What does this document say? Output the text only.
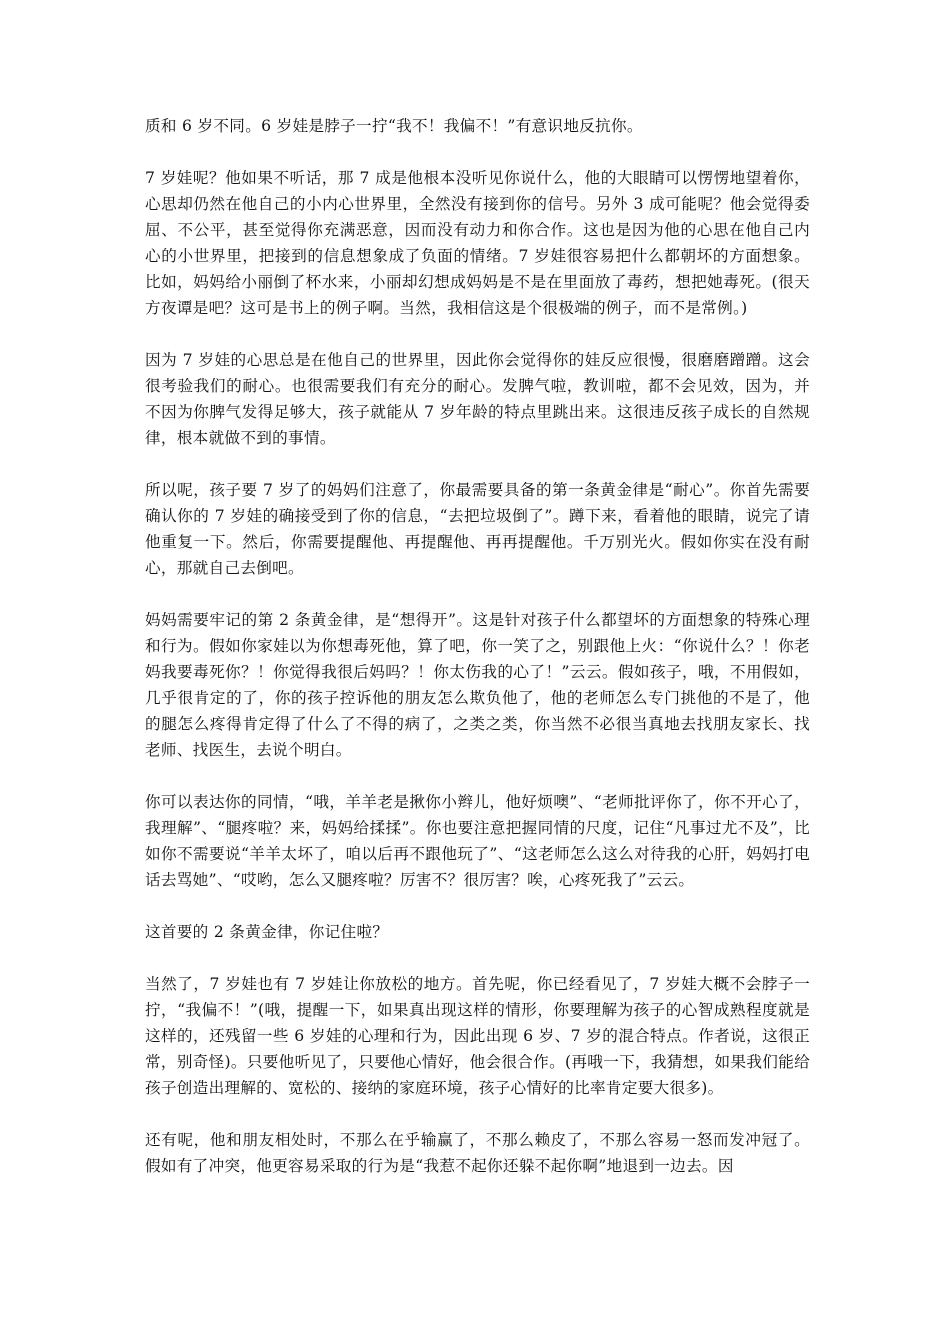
质和 6 岁不同。6 岁娃是脖子一拧“我不！我偏不！”有意识地反抗你。

7 岁娃呢？他如果不听话，那 7 成是他根本没听见你说什么，他的大眼睛可以愣愣地望着你，心思却仍然在他自己的小内心世界里，全然没有接到你的信号。另外 3 成可能呢？他会觉得委屈、不公平，甚至觉得你充满恶意，因而没有动力和你合作。这也是因为他的心思在他自己内心的小世界里，把接到的信息想象成了负面的情绪。7 岁娃很容易把什么都朝坏的方面想象。比如，妈妈给小丽倒了杯水来，小丽却幻想成妈妈是不是在里面放了毒药，想把她毒死。(很天方夜谭是吧？这可是书上的例子啊。当然，我相信这是个很极端的例子，而不是常例。)

因为 7 岁娃的心思总是在他自己的世界里，因此你会觉得你的娃反应很慢，很磨磨蹭蹭。这会很考验我们的耐心。也很需要我们有充分的耐心。发脾气啦，教训啦，都不会见效，因为，并不因为你脾气发得足够大，孩子就能从 7 岁年龄的特点里跳出来。这很违反孩子成长的自然规律，根本就做不到的事情。

所以呢，孩子要 7 岁了的妈妈们注意了，你最需要具备的第一条黄金律是“耐心”。你首先需要确认你的 7 岁娃的确接受到了你的信息，“去把垃圾倒了”。蹲下来，看着他的眼睛，说完了请他重复一下。然后，你需要提醒他、再提醒他、再再提醒他。千万别光火。假如你实在没有耐心，那就自己去倒吧。

妈妈需要牢记的第 2 条黄金律，是“想得开”。这是针对孩子什么都望坏的方面想象的特殊心理和行为。假如你家娃以为你想毒死他，算了吧，你一笑了之，别跟他上火：“你说什么？！你老妈我要毒死你？！你觉得我很后妈吗？！你太伤我的心了！”云云。假如孩子，哦，不用假如，几乎很肯定的了，你的孩子控诉他的朋友怎么欺负他了，他的老师怎么专门挑他的不是了，他的腿怎么疼得肯定得了什么了不得的病了，之类之类，你当然不必很当真地去找朋友家长、找老师、找医生，去说个明白。

你可以表达你的同情，“哦，羊羊老是揪你小辫儿，他好烦噢”、“老师批评你了，你不开心了，我理解”、“腿疼啦？来，妈妈给揉揉”。你也要注意把握同情的尺度，记住“凡事过尤不及”，比如你不需要说“羊羊太坏了，咱以后再不跟他玩了”、“这老师怎么这么对待我的心肝，妈妈打电话去骂她”、“哎哟，怎么又腿疼啦？厉害不？很厉害？唉，心疼死我了”云云。

这首要的 2 条黄金律，你记住啦？

当然了，7 岁娃也有 7 岁娃让你放松的地方。首先呢，你已经看见了，7 岁娃大概不会脖子一拧，“我偏不！”(哦，提醒一下，如果真出现这样的情形，你要理解为孩子的心智成熟程度就是这样的，还残留一些 6 岁娃的心理和行为，因此出现 6 岁、7 岁的混合特点。作者说，这很正常，别奇怪)。只要他听见了，只要他心情好，他会很合作。(再哦一下，我猜想，如果我们能给孩子创造出理解的、宽松的、接纳的家庭环境，孩子心情好的比率肯定要大很多)。

还有呢，他和朋友相处时，不那么在乎输赢了，不那么赖皮了，不那么容易一怒而发冲冠了。假如有了冲突，他更容易采取的行为是“我惹不起你还躲不起你啊”地退到一边去。因
